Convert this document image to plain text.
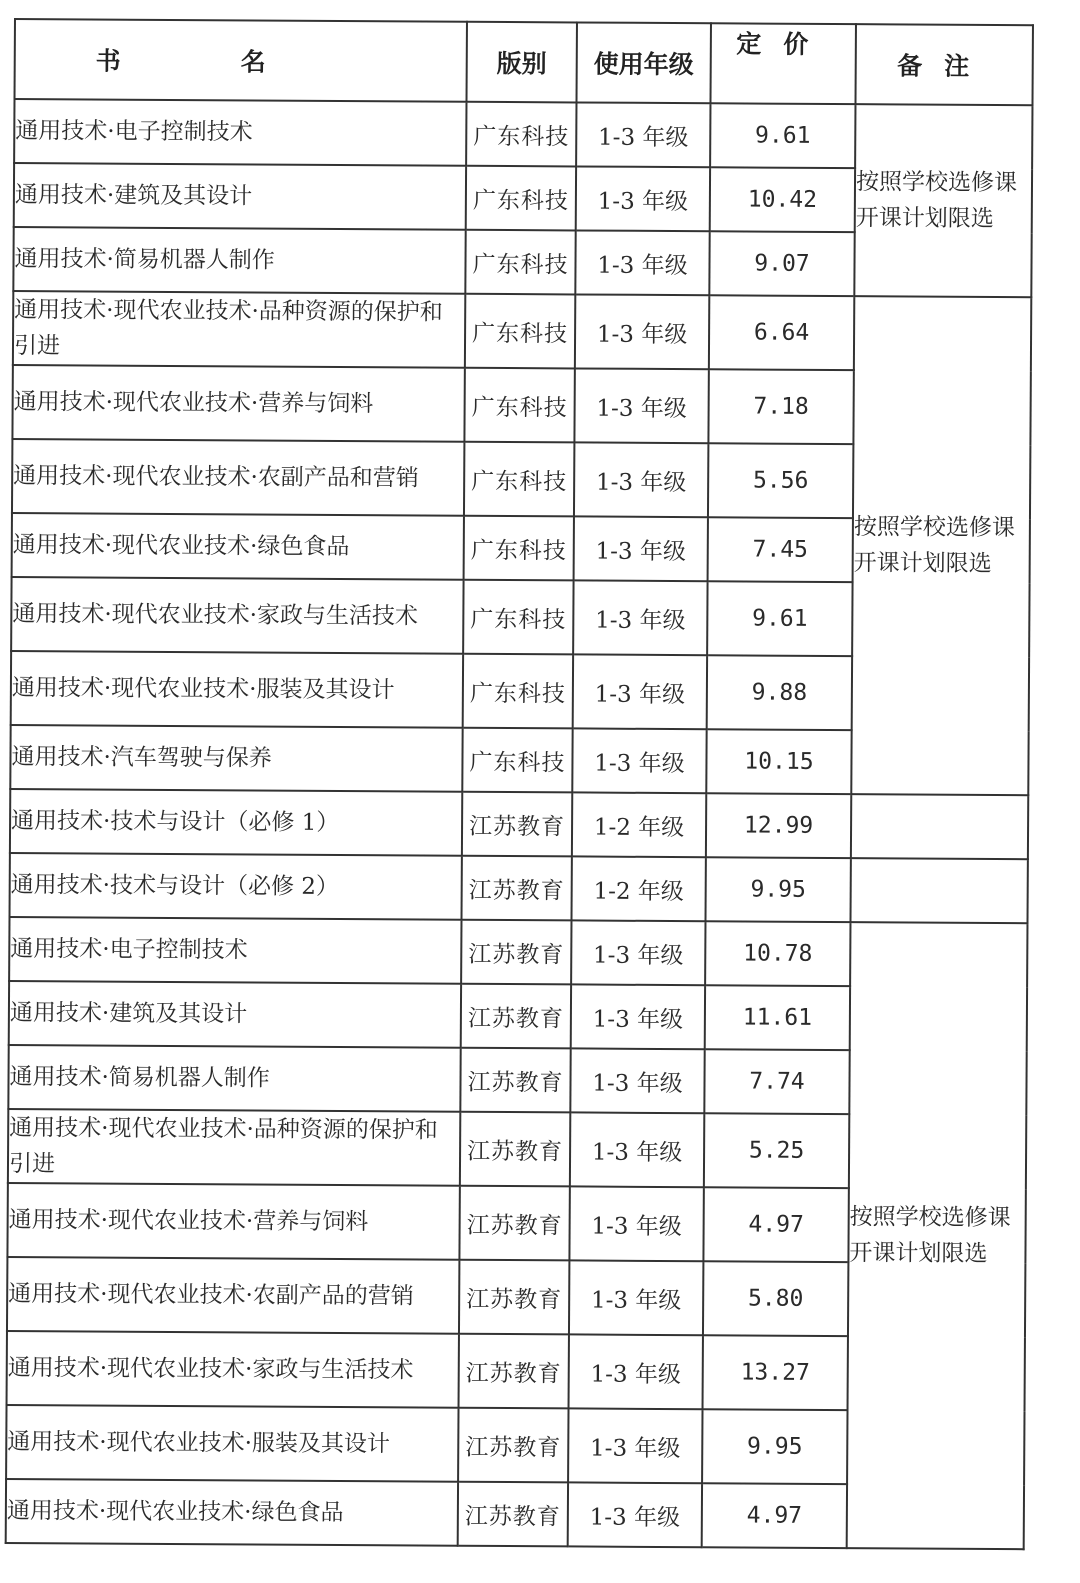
书名	版别	使用年级	定价	备注
通用技术·电子控制技术	广东科技	1-3 年级	9.61	按照学校选修课开课计划限选
通用技术·建筑及其设计	广东科技	1-3 年级	10.42	
通用技术·简易机器人制作	广东科技	1-3 年级	9.07	
通用技术·现代农业技术·品种资源的保护和引进	广东科技	1-3 年级	6.64	按照学校选修课开课计划限选
通用技术·现代农业技术·营养与饲料	广东科技	1-3 年级	7.18	
通用技术·现代农业技术·农副产品和营销	广东科技	1-3 年级	5.56	
通用技术·现代农业技术·绿色食品	广东科技	1-3 年级	7.45	
通用技术·现代农业技术·家政与生活技术	广东科技	1-3 年级	9.61	
通用技术·现代农业技术·服装及其设计	广东科技	1-3 年级	9.88	
通用技术·汽车驾驶与保养	广东科技	1-3 年级	10.15	
通用技术·技术与设计（必修 1）	江苏教育	1-2 年级	12.99	
通用技术·技术与设计（必修 2）	江苏教育	1-2 年级	9.95	
通用技术·电子控制技术	江苏教育	1-3 年级	10.78	按照学校选修课开课计划限选
通用技术·建筑及其设计	江苏教育	1-3 年级	11.61	
通用技术·简易机器人制作	江苏教育	1-3 年级	7.74	
通用技术·现代农业技术·品种资源的保护和引进	江苏教育	1-3 年级	5.25	
通用技术·现代农业技术·营养与饲料	江苏教育	1-3 年级	4.97	
通用技术·现代农业技术·农副产品的营销	江苏教育	1-3 年级	5.80	
通用技术·现代农业技术·家政与生活技术	江苏教育	1-3 年级	13.27	
通用技术·现代农业技术·服装及其设计	江苏教育	1-3 年级	9.95	
通用技术·现代农业技术·绿色食品	江苏教育	1-3 年级	4.97	
